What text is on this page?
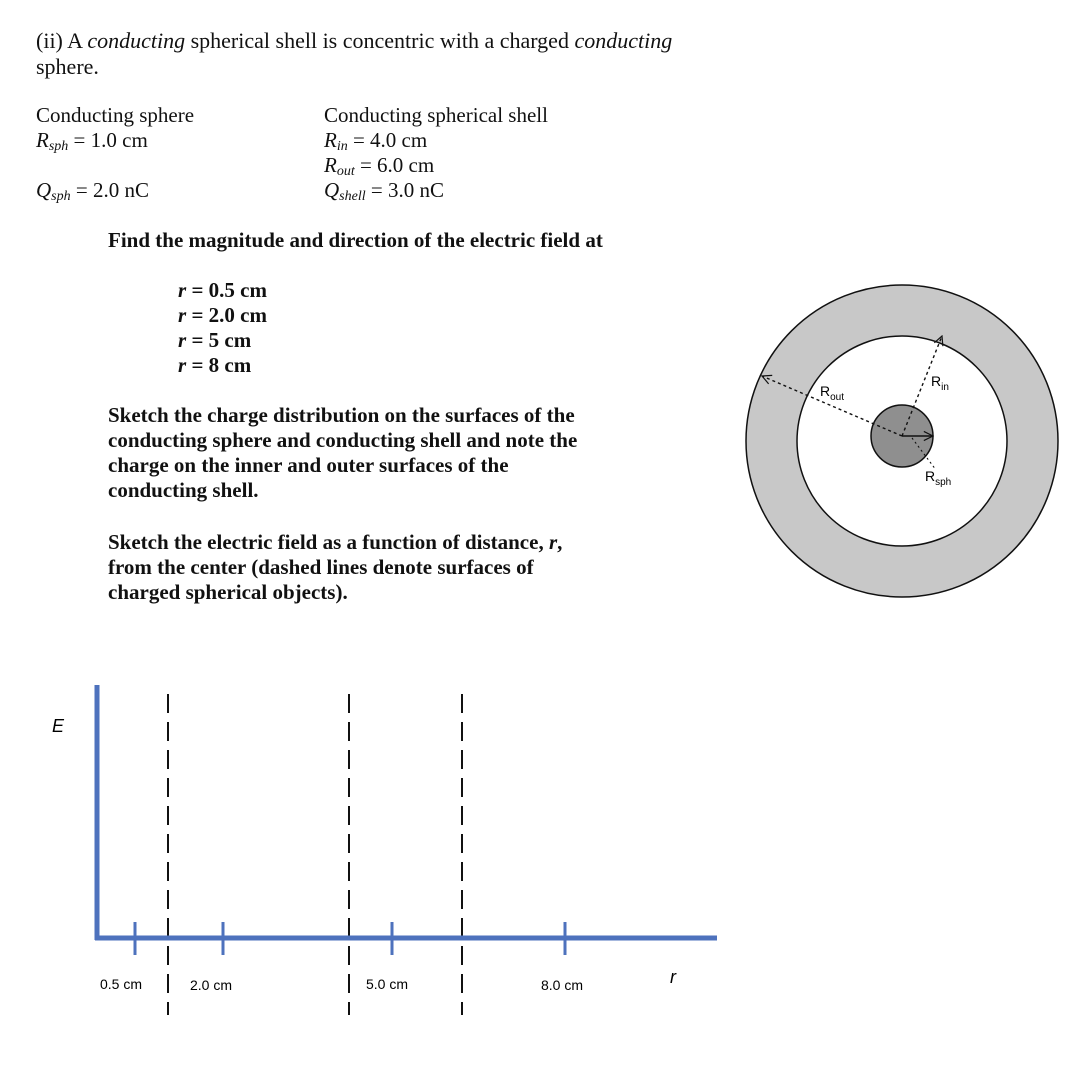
(ii) A conducting spherical shell is concentric with a charged conducting
sphere.
Conducting sphere
$R_{sph} = 1.0$ cm
$Q_{sph} = 2.0$ nC
Conducting spherical shell
$R_{in} = 4.0$ cm
$R_{out} = 6.0$ cm
$Q_{shell} = 3.0$ nC
Find the magnitude and direction of the electric field at
r = 0.5 cm
r = 2.0 cm
r = 5 cm
r = 8 cm
Sketch the charge distribution on the surfaces of the
conducting sphere and conducting shell and note the
charge on the inner and outer surfaces of the
conducting shell.
Sketch the electric field as a function of distance, r,
from the center (dashed lines denote surfaces of
charged spherical objects).
$R_{out}$
$R_{in}$
$R_{sph}$
E
r
0.5 cm	2.0 cm	5.0 cm	8.0 cm
